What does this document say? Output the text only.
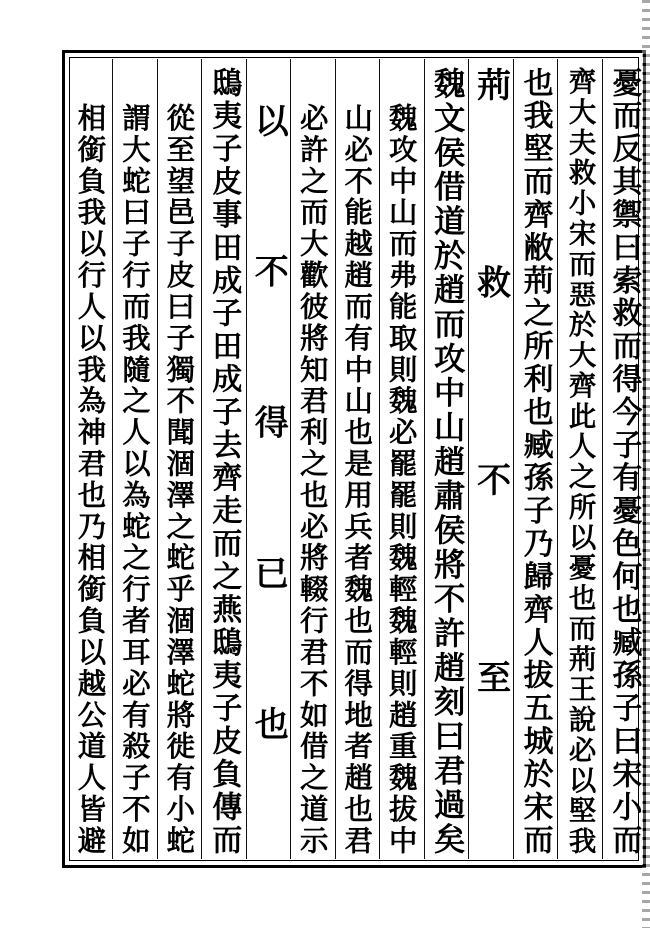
憂而反其禦曰索救而得今子有憂色何也臧孫子曰宋小而
齊大夫救小宋而惡於大齊此人之所以憂也而荊王說必以堅我
也我堅而齊敝荊之所利也臧孫子乃歸齊人拔五城於宋而
荊救不至
魏文侯借道於趙而攻中山趙肅侯將不許趙刻曰君過矣
魏攻中山而弗能取則魏必罷罷則魏輕魏輕則趙重魏拔中
山必不能越趙而有中山也是用兵者魏也而得地者趙也君
必許之而大歡彼將知君利之也必將輟行君不如借之道示
以不得已也
鴟夷子皮事田成子田成子去齊走而之燕鴟夷子皮負傳而
從至望邑子皮曰子獨不聞涸澤之蛇乎涸澤蛇將徙有小蛇
謂大蛇曰子行而我隨之人以為蛇之行者耳必有殺子不如
相銜負我以行人以我為神君也乃相銜負以越公道人皆避
